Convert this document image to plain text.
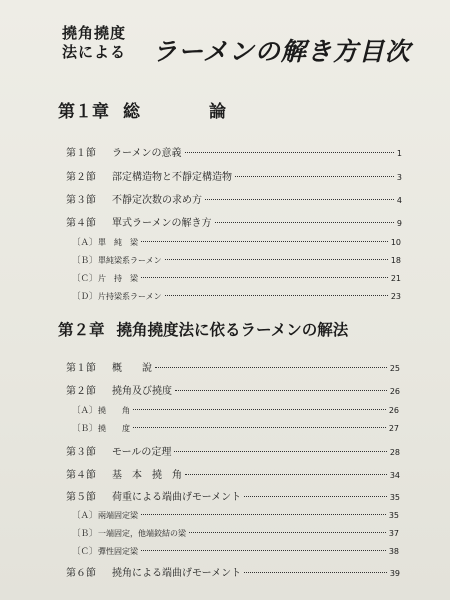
撓角撓度
法による	ラーメンの解き方目次
第１章 総　論
第１節	ラーメンの意義	1
第２節	部定構造物と不靜定構造物	3
第３節	不靜定次数の求め方	4
第４節	單式ラーメンの解き方	9
〔Ａ〕 單　純　梁	10
〔Ｂ〕 單純梁系ラーメン	18
〔Ｃ〕 片　持　梁	21
〔Ｄ〕 片持梁系ラーメン	23
第２章 撓角撓度法に依るラーメンの解法
第１節	概　　說	25
第２節	撓角及び撓度	26
〔Ａ〕 撓　　角	26
〔Ｂ〕 撓　　度	27
第３節	モールの定理	28
第４節	基　本　撓　角	34
第５節	荷重による端曲げモーメント	35
〔Ａ〕 兩端固定梁	35
〔Ｂ〕 一端固定，他端鉸結の梁	37
〔Ｃ〕 彈性固定梁	38
第６節	撓角による端曲げモーメント	39
